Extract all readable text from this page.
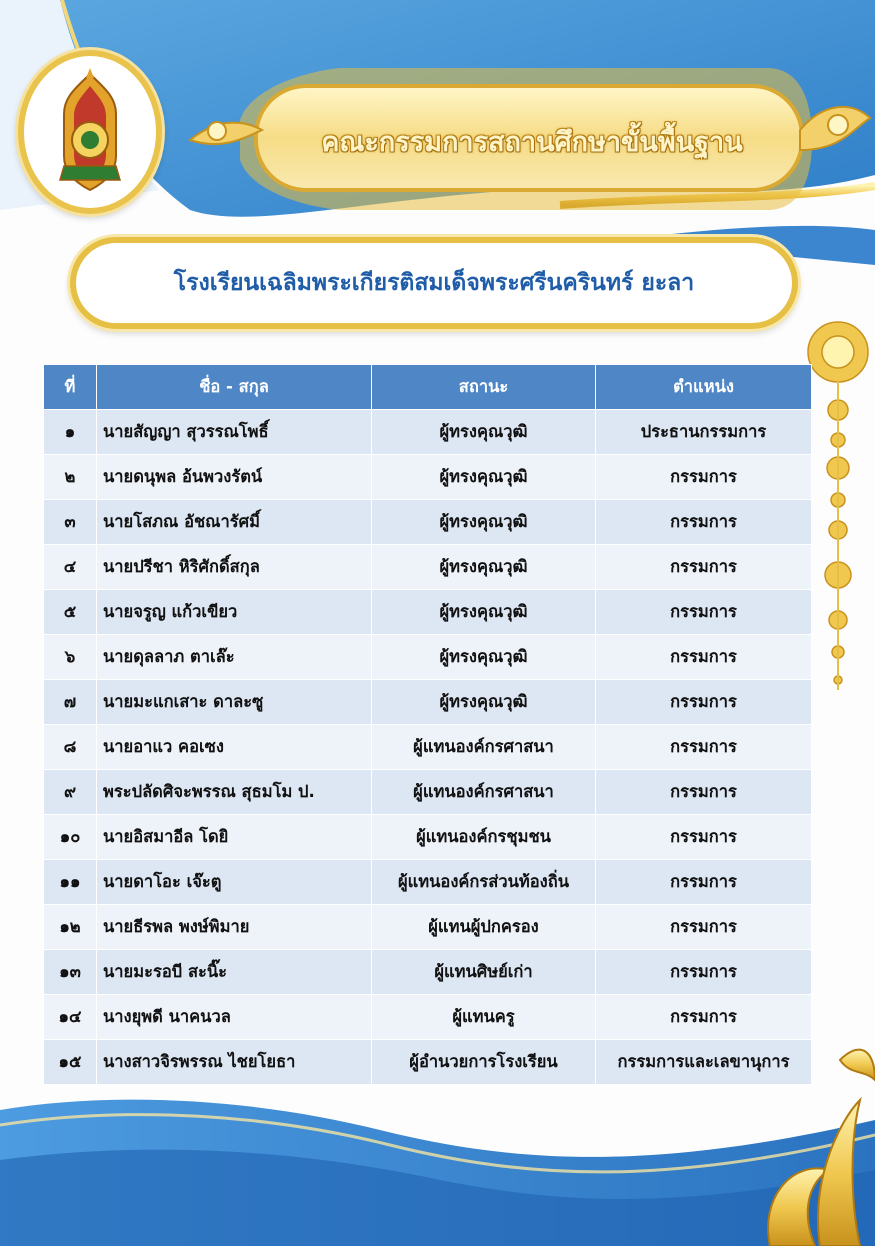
คณะกรรมการสถานศึกษาขั้นพื้นฐาน
โรงเรียนเฉลิมพระเกียรติสมเด็จพระศรีนครินทร์ ยะลา
ที่	ชื่อ - สกุล	สถานะ	ตำแหน่ง
๑	นายสัญญา สุวรรณโพธิ์	ผู้ทรงคุณวุฒิ	ประธานกรรมการ
๒	นายดนุพล อ้นพวงรัตน์	ผู้ทรงคุณวุฒิ	กรรมการ
๓	นายโสภณ อัชณารัศมิ์	ผู้ทรงคุณวุฒิ	กรรมการ
๔	นายปรีชา หิริศักดิ์สกุล	ผู้ทรงคุณวุฒิ	กรรมการ
๕	นายจรูญ แก้วเขียว	ผู้ทรงคุณวุฒิ	กรรมการ
๖	นายดุลลาภ ตาเล๊ะ	ผู้ทรงคุณวุฒิ	กรรมการ
๗	นายมะแกเสาะ ดาละซู	ผู้ทรงคุณวุฒิ	กรรมการ
๘	นายอาแว คอเซง	ผู้แทนองค์กรศาสนา	กรรมการ
๙	พระปลัดศิจะพรรณ สุธมโม ป.	ผู้แทนองค์กรศาสนา	กรรมการ
๑๐	นายอิสมาอีล โดยิ	ผู้แทนองค์กรชุมชน	กรรมการ
๑๑	นายดาโอะ เจ๊ะตู	ผู้แทนองค์กรส่วนท้องถิ่น	กรรมการ
๑๒	นายธีรพล พงษ์พิมาย	ผู้แทนผู้ปกครอง	กรรมการ
๑๓	นายมะรอบี สะนิ๊ะ	ผู้แทนศิษย์เก่า	กรรมการ
๑๔	นางยุพดี นาคนวล	ผู้แทนครู	กรรมการ
๑๕	นางสาวจิรพรรณ ไชยโยธา	ผู้อำนวยการโรงเรียน	กรรมการและเลขานุการ
